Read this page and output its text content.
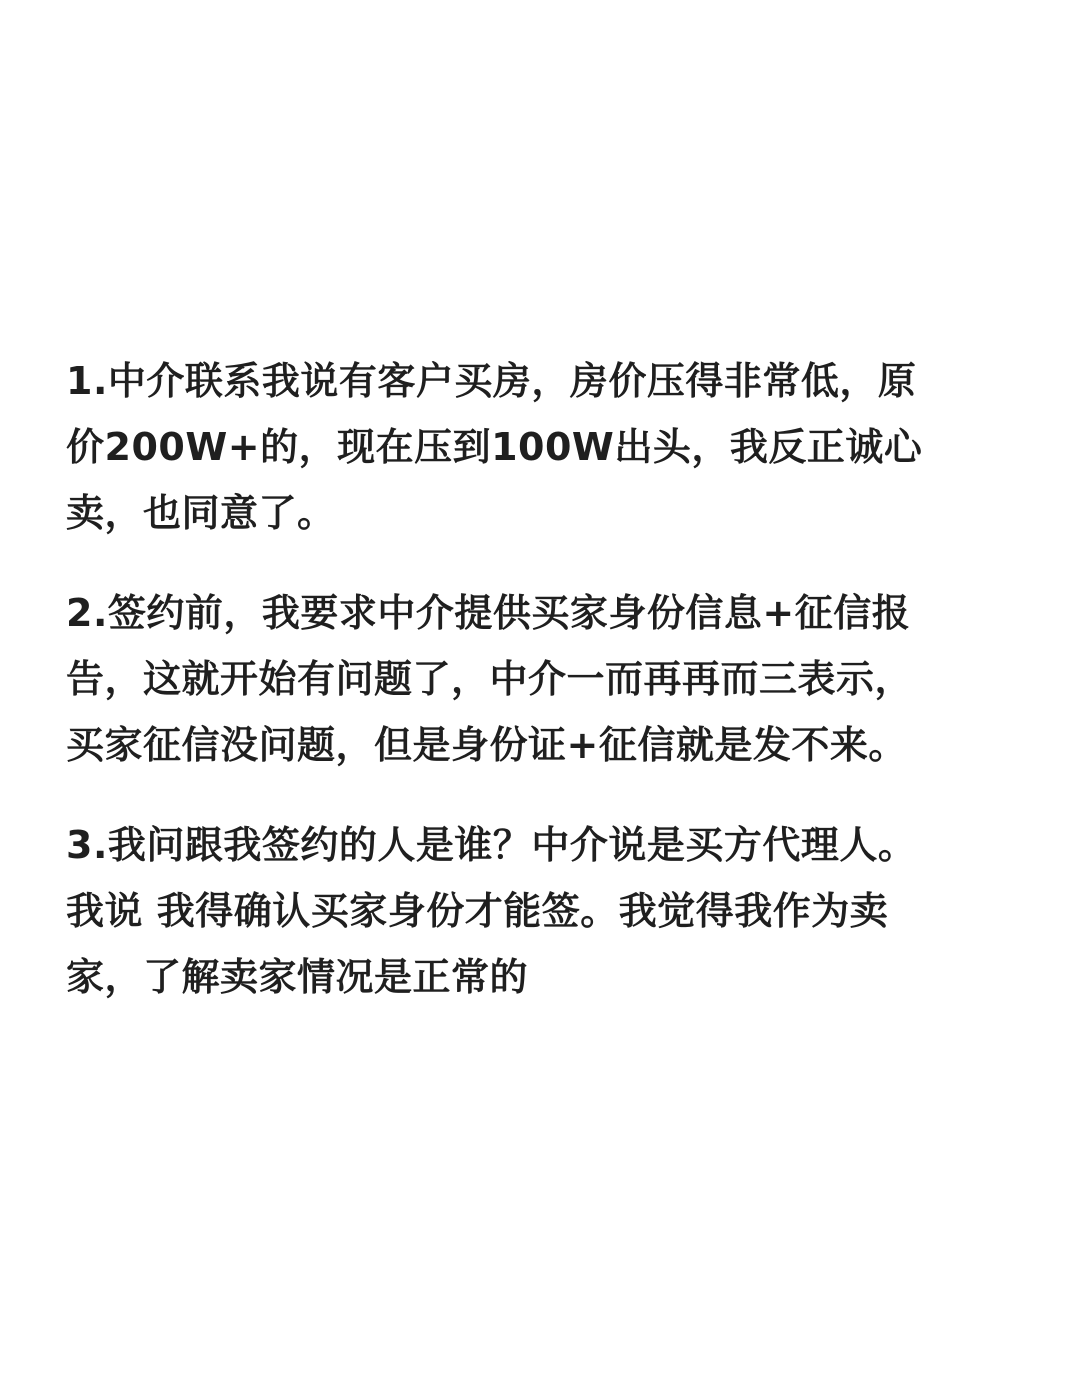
1.中介联系我说有客户买房，房价压得非常低，原
价200W+的，现在压到100W出头，我反正诚心
卖，也同意了。

2.签约前，我要求中介提供买家身份信息+征信报
告，这就开始有问题了，中介一而再再而三表示，
买家征信没问题，但是身份证+征信就是发不来。

3.我问跟我签约的人是谁？中介说是买方代理人。
我说 我得确认买家身份才能签。我觉得我作为卖
家，了解卖家情况是正常的
